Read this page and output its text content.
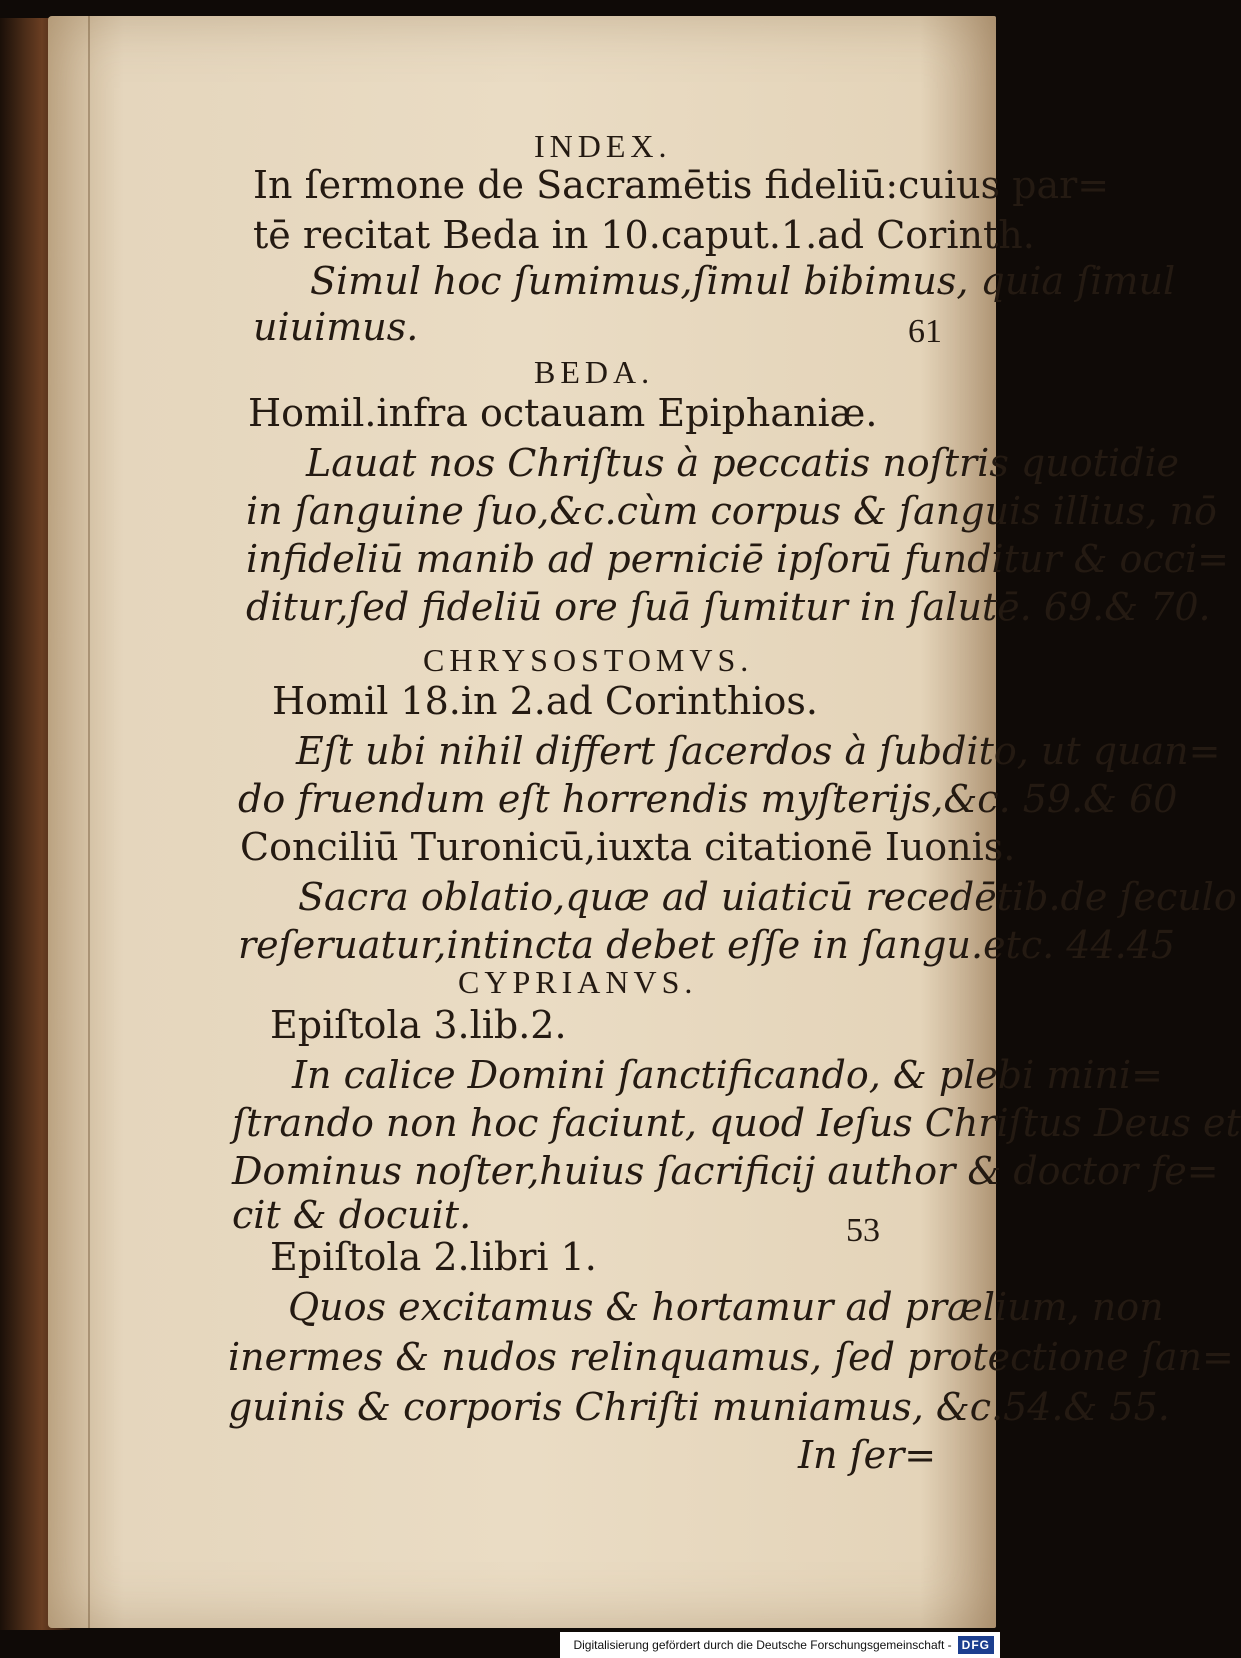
INDEX.
In ſermone de Sacramētis fideliū:cuius par=
tē recitat Beda in 10.caput.1.ad Corinth.
Simul hoc ſumimus,ſimul bibimus, quia ſimul
uiuimus.	61
BEDA.
Homil.infra octauam Epiphaniæ.
Lauat nos Chriſtus à peccatis noſtris quotidie
in ſanguine ſuo,&c.cùm corpus & ſanguis illius, nō
infideliū manib ad perniciē ipſorū funditur & occi=
ditur,ſed fideliū ore ſuā ſumitur in ſalutē. 69.& 70.
CHRYSOSTOMVS.
Homil 18.in 2.ad Corinthios.
Eſt ubi nihil differt ſacerdos à ſubdito, ut quan=
do fruendum eſt horrendis myſterijs,&c. 59.& 60
Conciliū Turonicū,iuxta citationē Iuonis.
Sacra oblatio,quæ ad uiaticū recedētib.de ſeculo
reſeruatur,intincta debet eſſe in ſangu.etc. 44.45
CYPRIANVS.
Epiſtola 3.lib.2.
In calice Domini ſanctificando, & plebi mini=
ſtrando non hoc faciunt, quod Ieſus Chriſtus Deus et
Dominus noſter,huius ſacrificij author & doctor fe=
cit & docuit.	53
Epiſtola 2.libri 1.
Quos excitamus & hortamur ad prælium, non
inermes & nudos relinquamus, ſed protectione ſan=
guinis & corporis Chriſti muniamus, &c.54.& 55.
In ſer=
Digitalisierung gefördert durch die Deutsche Forschungsgemeinschaft - DFG
